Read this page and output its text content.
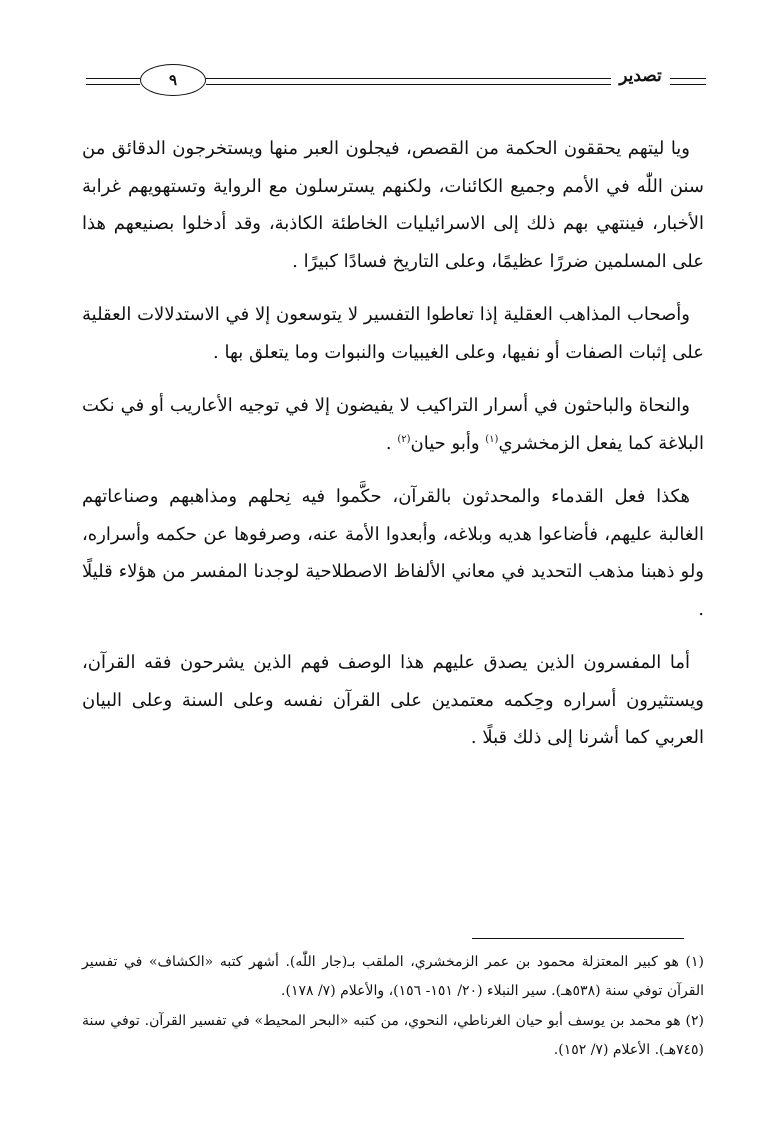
٩	تصدير

ويا ليتهم يحققون الحكمة من القصص، فيجلون العبر منها ويستخرجون الدقائق من سنن اللّٰه في الأمم وجميع الكائنات، ولكنهم يسترسلون مع الرواية وتستهويهم غرابة الأخبار، فينتهي بهم ذلك إلى الاسرائيليات الخاطئة الكاذبة، وقد أدخلوا بصنيعهم هذا على المسلمين ضررًا عظيمًا، وعلى التاريخ فسادًا كبيرًا .

وأصحاب المذاهب العقلية إذا تعاطوا التفسير لا يتوسعون إلا في الاستدلالات العقلية على إثبات الصفات أو نفيها، وعلى الغيبيات والنبوات وما يتعلق بها .

والنحاة والباحثون في أسرار التراكيب لا يفيضون إلا في توجيه الأعاريب أو في نكت البلاغة كما يفعل الزمخشري$^{(١)}$ وأبو حيان$^{(٢)}$ .

هكذا فعل القدماء والمحدثون بالقرآن، حكَّموا فيه نِحلهم ومذاهبهم وصناعاتهم الغالبة عليهم، فأضاعوا هديه وبلاغه، وأبعدوا الأمة عنه، وصرفوها عن حكمه وأسراره، ولو ذهبنا مذهب التحديد في معاني الألفاظ الاصطلاحية لوجدنا المفسر من هؤلاء قليلًا .

أما المفسرون الذين يصدق عليهم هذا الوصف فهم الذين يشرحون فقه القرآن، ويستثيرون أسراره وحِكمه معتمدين على القرآن نفسه وعلى السنة وعلى البيان العربي كما أشرنا إلى ذلك قبلًا .

(١) هو كبير المعتزلة محمود بن عمر الزمخشري، الملقب بـ(جار اللّٰه). أشهر كتبه «الكشاف» في تفسير القرآن توفي سنة (٥٣٨هـ). سير النبلاء (٢٠/ ١٥١- ١٥٦)، والأعلام (٧/ ١٧٨).

(٢) هو محمد بن يوسف أبو حيان الغرناطي، النحوي، من كتبه «البحر المحيط» في تفسير القرآن. توفي سنة (٧٤٥هـ). الأعلام (٧/ ١٥٢).
